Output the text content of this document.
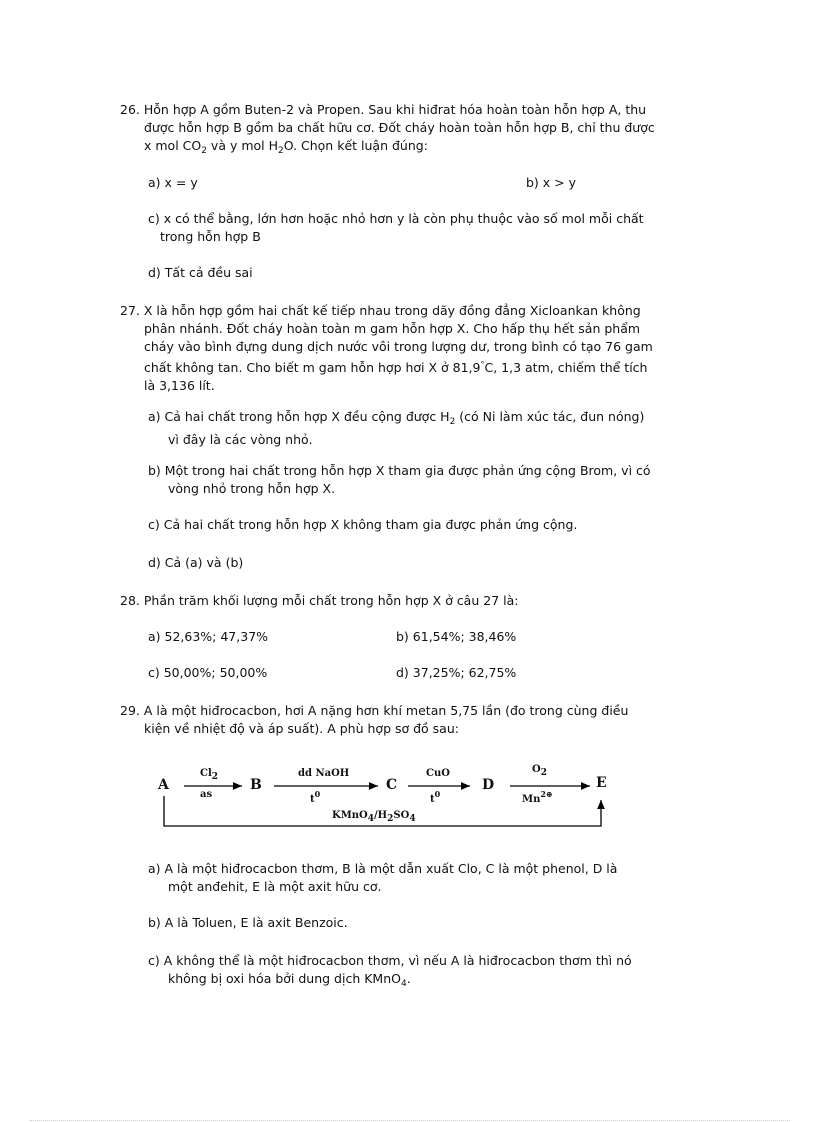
26. Hỗn hợp A gồm Buten-2 và Propen. Sau khi hiđrat hóa hoàn toàn hỗn hợp A, thu
được hỗn hợp B gồm ba chất hữu cơ. Đốt cháy hoàn toàn hỗn hợp B, chỉ thu được
x mol $CO_2$ và y mol $H_2O$. Chọn kết luận đúng:
a) x = y	b) x > y
c) x có thể bằng, lớn hơn hoặc nhỏ hơn y là còn phụ thuộc vào số mol mỗi chất
trong hỗn hợp B
d) Tất cả đều sai
27. X là hỗn hợp gồm hai chất kế tiếp nhau trong dãy đồng đẳng Xicloankan không
phân nhánh. Đốt cháy hoàn toàn m gam hỗn hợp X. Cho hấp thụ hết sản phẩm
cháy vào bình đựng dung dịch nước vôi trong lượng dư, trong bình có tạo 76 gam
chất không tan. Cho biết m gam hỗn hợp hơi X ở 81,9°C, 1,3 atm, chiếm thể tích
là 3,136 lít.
a) Cả hai chất trong hỗn hợp X đều cộng được $H_2$ (có Ni làm xúc tác, đun nóng)
vì đây là các vòng nhỏ.
b) Một trong hai chất trong hỗn hợp X tham gia được phản ứng cộng Brom, vì có
vòng nhỏ trong hỗn hợp X.
c) Cả hai chất trong hỗn hợp X không tham gia được phản ứng cộng.
d) Cả (a) và (b)
28. Phần trăm khối lượng mỗi chất trong hỗn hợp X ở câu 27 là:
a) 52,63%; 47,37%	b) 61,54%; 38,46%
c) 50,00%; 50,00%	d) 37,25%; 62,75%
29. A là một hiđrocacbon, hơi A nặng hơn khí metan 5,75 lần (đo trong cùng điều
kiện về nhiệt độ và áp suất). A phù hợp sơ đồ sau:
A	B	C	D	E
$Cl_2$
as
dd NaOH
$t^0$
CuO
$t^0$
$O_2$
$Mn^{2\oplus}$
$KMnO_4/H_2SO_4$
a) A là một hiđrocacbon thơm, B là một dẫn xuất Clo, C là một phenol, D là
một anđehit, E là một axit hữu cơ.
b) A là Toluen, E là axit Benzoic.
c) A không thể là một hiđrocacbon thơm, vì nếu A là hiđrocacbon thơm thì nó
không bị oxi hóa bởi dung dịch KMnO$_4$.
